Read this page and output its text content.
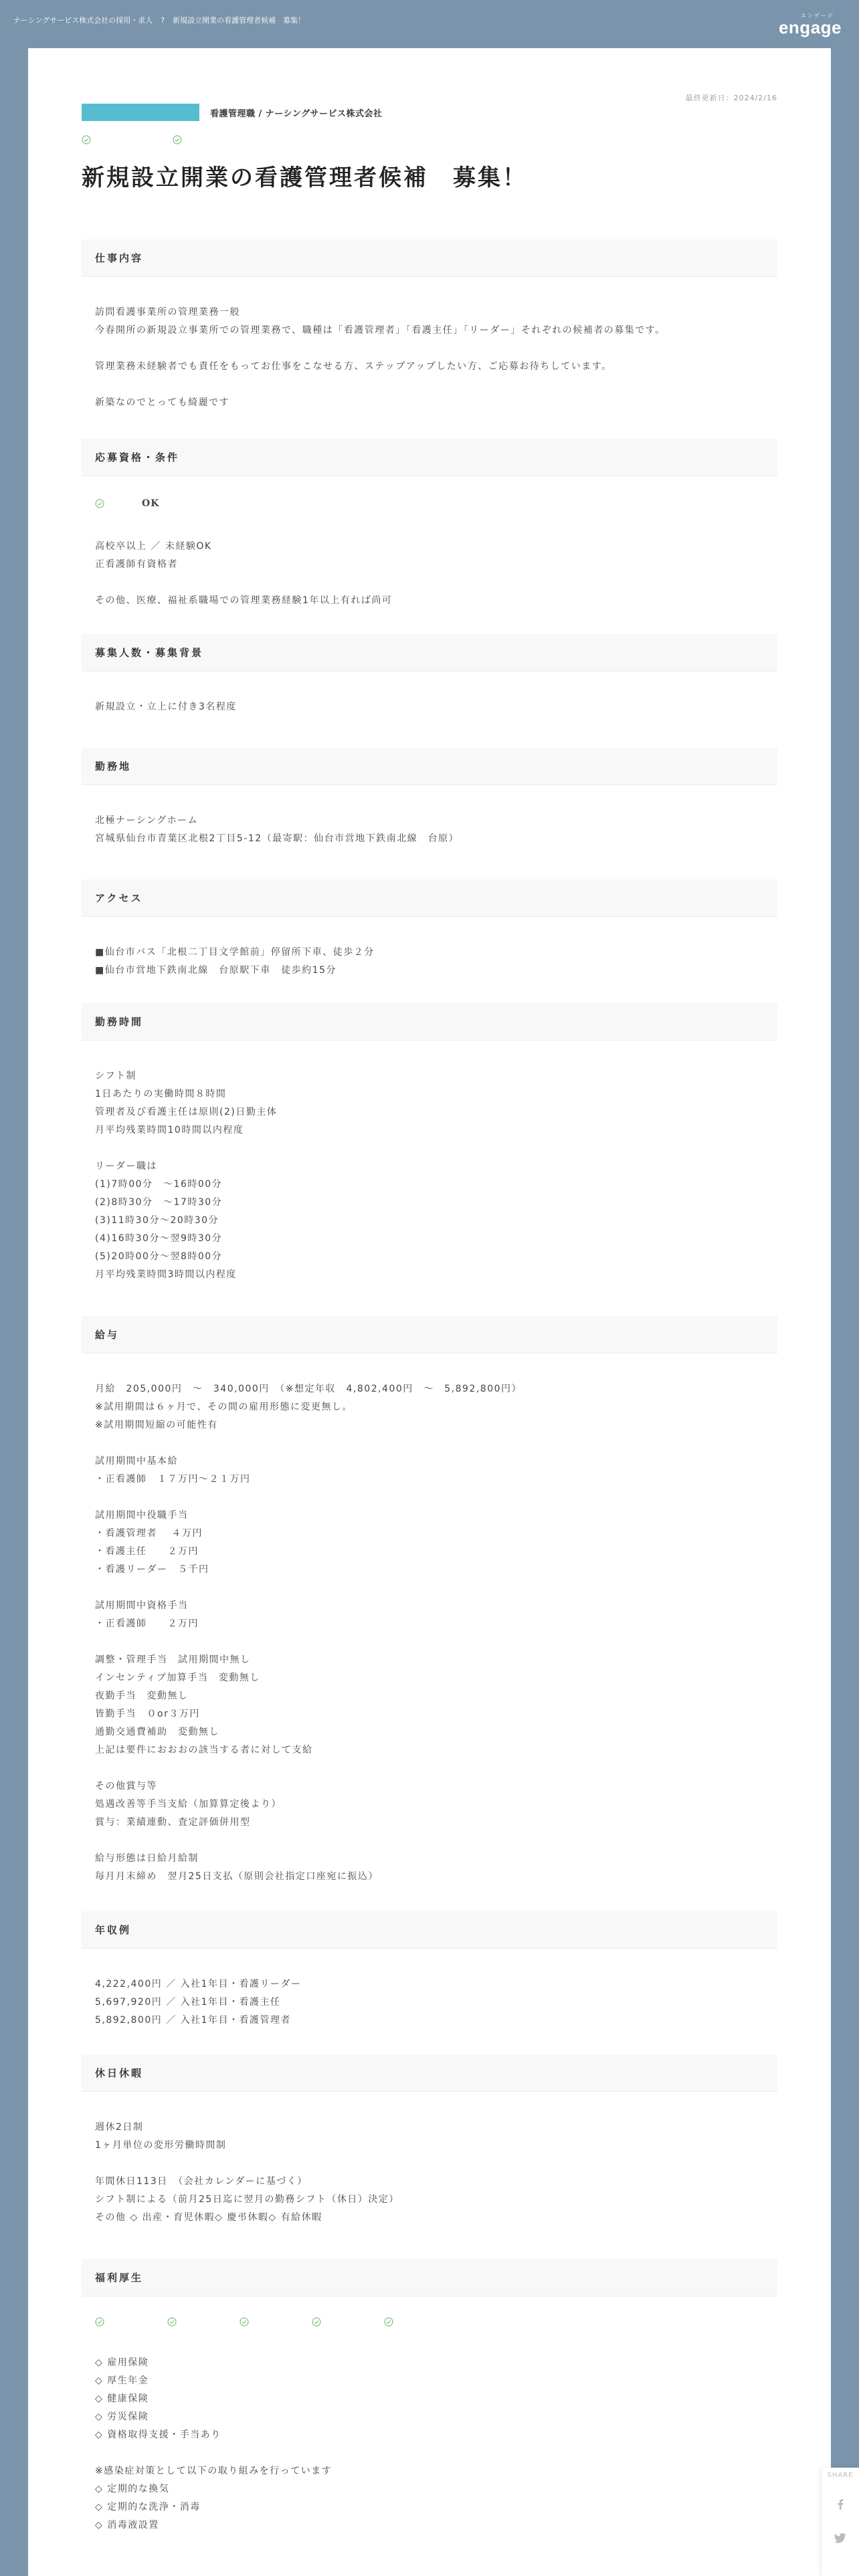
ナーシングサービス株式会社の採用・求人 ? 新規設立開業の看護管理者候補　募集！
エンゲージ
engage
最終更新日：2024/2/16
看護管理職 / ナーシングサービス株式会社
新規設立開業の看護管理者候補　募集！
仕事内容

訪問看護事業所の管理業務一般

今春開所の新規設立事業所での管理業務で、職種は「看護管理者」「看護主任」「リーダー」それぞれの候補者の募集です。

管理業務未経験者でも責任をもってお仕事をこなせる方、ステップアップしたい方、ご応募お待ちしています。

新築なのでとっても綺麗です

応募資格・条件
OK

高校卒以上 ／ 未経験OK

正看護師有資格者

その他、医療、福祉系職場での管理業務経験1年以上有れば尚可

募集人数・募集背景

新規設立・立上に付き3名程度

勤務地

北極ナーシングホーム

宮城県仙台市青葉区北根2丁目5-12（最寄駅：仙台市営地下鉄南北線　台原）

アクセス

■仙台市バス「北根二丁目文学館前」停留所下車、徒歩２分

■仙台市営地下鉄南北線　台原駅下車　徒歩約15分

勤務時間

シフト制

1日あたりの実働時間８時間

管理者及び看護主任は原則(2)日勤主体

月平均残業時間10時間以内程度

リーダー職は

(1)7時00分　〜16時00分

(2)8時30分　〜17時30分

(3)11時30分〜20時30分

(4)16時30分〜翌9時30分

(5)20時00分〜翌8時00分

月平均残業時間3時間以内程度

給与

月給　205,000円　〜　340,000円　（※想定年収　4,802,400円　〜　5,892,800円）

※試用期間は６ヶ月で、その間の雇用形態に変更無し。

※試用期間短縮の可能性有

試用期間中基本給

・正看護師　１７万円〜２１万円

試用期間中役職手当

・看護管理者　 ４万円

・看護主任　　２万円

・看護リーダー　５千円

試用期間中資格手当

・正看護師　　２万円

調整・管理手当　試用期間中無し

インセンティブ加算手当　変動無し

夜勤手当　変動無し

皆勤手当　０or３万円

通勤交通費補助　変動無し

上記は要件におおおの該当する者に対して支給

その他賞与等

処遇改善等手当支給（加算算定後より）

賞与：業績連動、査定評価併用型

給与形態は日給月給制

毎月月末締め　翌月25日支払（原則会社指定口座宛に振込）

年収例

4,222,400円 ／ 入社1年目・看護リーダー

5,697,920円 ／ 入社1年目・看護主任

5,892,800円 ／ 入社1年目・看護管理者

休日休暇

週休2日制

1ヶ月単位の変形労働時間制

年間休日113日　（会社カレンダーに基づく）

シフト制による（前月25日迄に翌月の勤務シフト（休日）決定）

その他 ◇ 出産・育児休暇◇ 慶弔休暇◇ 有給休暇

福利厚生

◇ 雇用保険

◇ 厚生年金

◇ 健康保険

◇ 労災保険

◇ 資格取得支援・手当あり

※感染症対策として以下の取り組みを行っています

◇ 定期的な換気

◇ 定期的な洗浄・消毒

◇ 消毒液設置

SHARE
